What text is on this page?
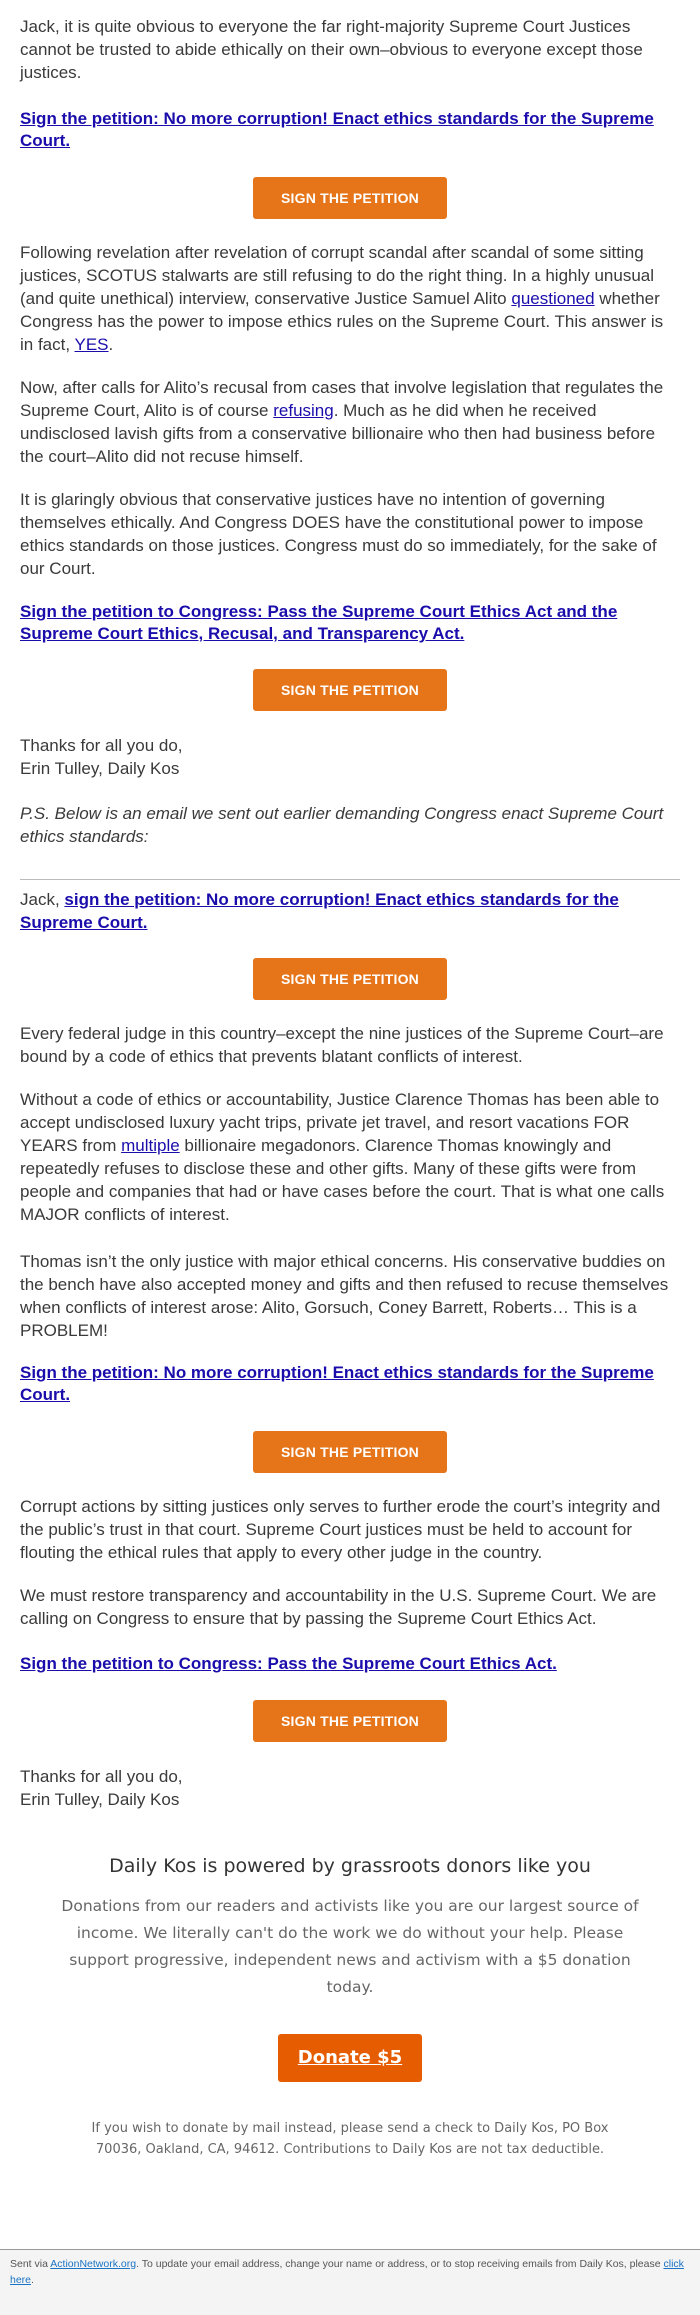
Jack, it is quite obvious to everyone the far right-majority Supreme Court Justices cannot be trusted to abide ethically on their own–obvious to everyone except those justices.

Sign the petition: No more corruption! Enact ethics standards for the Supreme Court.
SIGN THE PETITION

Following revelation after revelation of corrupt scandal after scandal of some sitting justices, SCOTUS stalwarts are still refusing to do the right thing. In a highly unusual (and quite unethical) interview, conservative Justice Samuel Alito questioned whether Congress has the power to impose ethics rules on the Supreme Court. This answer is in fact, YES.

Now, after calls for Alito’s recusal from cases that involve legislation that regulates the Supreme Court, Alito is of course refusing. Much as he did when he received undisclosed lavish gifts from a conservative billionaire who then had business before the court–Alito did not recuse himself.

It is glaringly obvious that conservative justices have no intention of governing themselves ethically. And Congress DOES have the constitutional power to impose ethics standards on those justices. Congress must do so immediately, for the sake of our Court.

Sign the petition to Congress: Pass the Supreme Court Ethics Act and the Supreme Court Ethics, Recusal, and Transparency Act.
SIGN THE PETITION

Thanks for all you do,

Erin Tulley, Daily Kos

P.S. Below is an email we sent out earlier demanding Congress enact Supreme Court ethics standards:

Jack, sign the petition: No more corruption! Enact ethics standards for the Supreme Court.

SIGN THE PETITION

Every federal judge in this country–except the nine justices of the Supreme Court–are bound by a code of ethics that prevents blatant conflicts of interest.

Without a code of ethics or accountability, Justice Clarence Thomas has been able to accept undisclosed luxury yacht trips, private jet travel, and resort vacations FOR YEARS from multiple billionaire megadonors. Clarence Thomas knowingly and repeatedly refuses to disclose these and other gifts. Many of these gifts were from people and companies that had or have cases before the court. That is what one calls MAJOR conflicts of interest.

Thomas isn’t the only justice with major ethical concerns. His conservative buddies on the bench have also accepted money and gifts and then refused to recuse themselves when conflicts of interest arose: Alito, Gorsuch, Coney Barrett, Roberts… This is a PROBLEM!

Sign the petition: No more corruption! Enact ethics standards for the Supreme Court.
SIGN THE PETITION

Corrupt actions by sitting justices only serves to further erode the court’s integrity and the public’s trust in that court. Supreme Court justices must be held to account for flouting the ethical rules that apply to every other judge in the country.

We must restore transparency and accountability in the U.S. Supreme Court. We are calling on Congress to ensure that by passing the Supreme Court Ethics Act.

Sign the petition to Congress: Pass the Supreme Court Ethics Act.
SIGN THE PETITION

Thanks for all you do,

Erin Tulley, Daily Kos

Daily Kos is powered by grassroots donors like you

Donations from our readers and activists like you are our largest source of income. We literally can't do the work we do without your help. Please support progressive, independent news and activism with a $5 donation today.

Donate $5

If you wish to donate by mail instead, please send a check to Daily Kos, PO Box 70036, Oakland, CA, 94612. Contributions to Daily Kos are not tax deductible.

Sent via ActionNetwork.org. To update your email address, change your name or address, or to stop receiving emails from Daily Kos, please click here.
